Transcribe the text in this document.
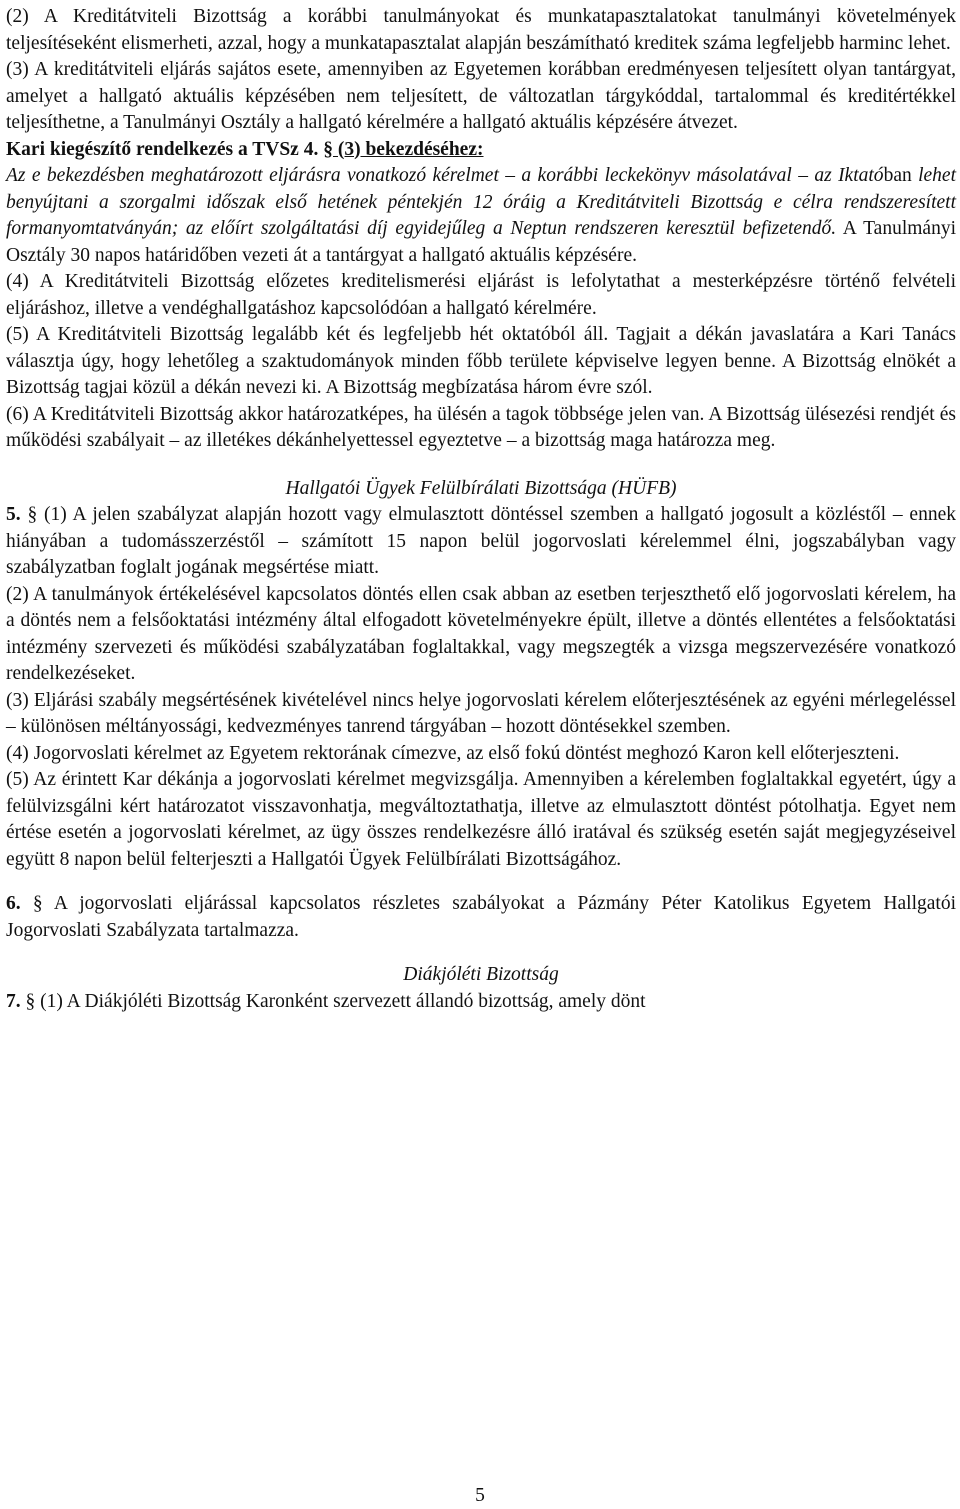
(2) A Kreditátviteli Bizottság a korábbi tanulmányokat és munkatapasztalatokat tanulmányi követelmények teljesítéseként elismerheti, azzal, hogy a munkatapasztalat alapján beszámítható kreditek száma legfeljebb harminc lehet.

(3) A kreditátviteli eljárás sajátos esete, amennyiben az Egyetemen korábban eredményesen teljesített olyan tantárgyat, amelyet a hallgató aktuális képzésében nem teljesített, de változatlan tárgykóddal, tartalommal és kreditértékkel teljesíthetne, a Tanulmányi Osztály a hallgató kérelmére a hallgató aktuális képzésére átvezet.

Kari kiegészítő rendelkezés a TVSz 4. § (3) bekezdéséhez:

Az e bekezdésben meghatározott eljárásra vonatkozó kérelmet – a korábbi leckekönyv másolatával – az Iktatóban lehet benyújtani a szorgalmi időszak első hetének péntekjén 12 óráig a Kreditátviteli Bizottság e célra rendszeresített formanyomtatványán; az előírt szolgáltatási díj egyidejűleg a Neptun rendszeren keresztül befizetendő. A Tanulmányi Osztály 30 napos határidőben vezeti át a tantárgyat a hallgató aktuális képzésére.

(4) A Kreditátviteli Bizottság előzetes kreditelismerési eljárást is lefolytathat a mesterképzésre történő felvételi eljáráshoz, illetve a vendéghallgatáshoz kapcsolódóan a hallgató kérelmére.

(5) A Kreditátviteli Bizottság legalább két és legfeljebb hét oktatóból áll. Tagjait a dékán javaslatára a Kari Tanács választja úgy, hogy lehetőleg a szaktudományok minden főbb területe képviselve legyen benne. A Bizottság elnökét a Bizottság tagjai közül a dékán nevezi ki. A Bizottság megbízatása három évre szól.

(6) A Kreditátviteli Bizottság akkor határozatképes, ha ülésén a tagok többsége jelen van. A Bizottság ülésezési rendjét és működési szabályait – az illetékes dékánhelyettessel egyeztetve – a bizottság maga határozza meg.

Hallgatói Ügyek Felülbírálati Bizottsága (HÜFB)

5. § (1) A jelen szabályzat alapján hozott vagy elmulasztott döntéssel szemben a hallgató jogosult a közléstől – ennek hiányában a tudomásszerzéstől – számított 15 napon belül jogorvoslati kérelemmel élni, jogszabályban vagy szabályzatban foglalt jogának megsértése miatt.

(2) A tanulmányok értékelésével kapcsolatos döntés ellen csak abban az esetben terjeszthető elő jogorvoslati kérelem, ha a döntés nem a felsőoktatási intézmény által elfogadott követelményekre épült, illetve a döntés ellentétes a felsőoktatási intézmény szervezeti és működési szabályzatában foglaltakkal, vagy megszegték a vizsga megszervezésére vonatkozó rendelkezéseket.

(3) Eljárási szabály megsértésének kivételével nincs helye jogorvoslati kérelem előterjesztésének az egyéni mérlegeléssel – különösen méltányossági, kedvezményes tanrend tárgyában – hozott döntésekkel szemben.

(4) Jogorvoslati kérelmet az Egyetem rektorának címezve, az első fokú döntést meghozó Karon kell előterjeszteni.

(5) Az érintett Kar dékánja a jogorvoslati kérelmet megvizsgálja. Amennyiben a kérelemben foglaltakkal egyetért, úgy a felülvizsgálni kért határozatot visszavonhatja, megváltoztathatja, illetve az elmulasztott döntést pótolhatja. Egyet nem értése esetén a jogorvoslati kérelmet, az ügy összes rendelkezésre álló iratával és szükség esetén saját megjegyzéseivel együtt 8 napon belül felterjeszti a Hallgatói Ügyek Felülbírálati Bizottságához.

6. § A jogorvoslati eljárással kapcsolatos részletes szabályokat a Pázmány Péter Katolikus Egyetem Hallgatói Jogorvoslati Szabályzata tartalmazza.

Diákjóléti Bizottság

7. § (1) A Diákjóléti Bizottság Karonként szervezett állandó bizottság, amely dönt

5
